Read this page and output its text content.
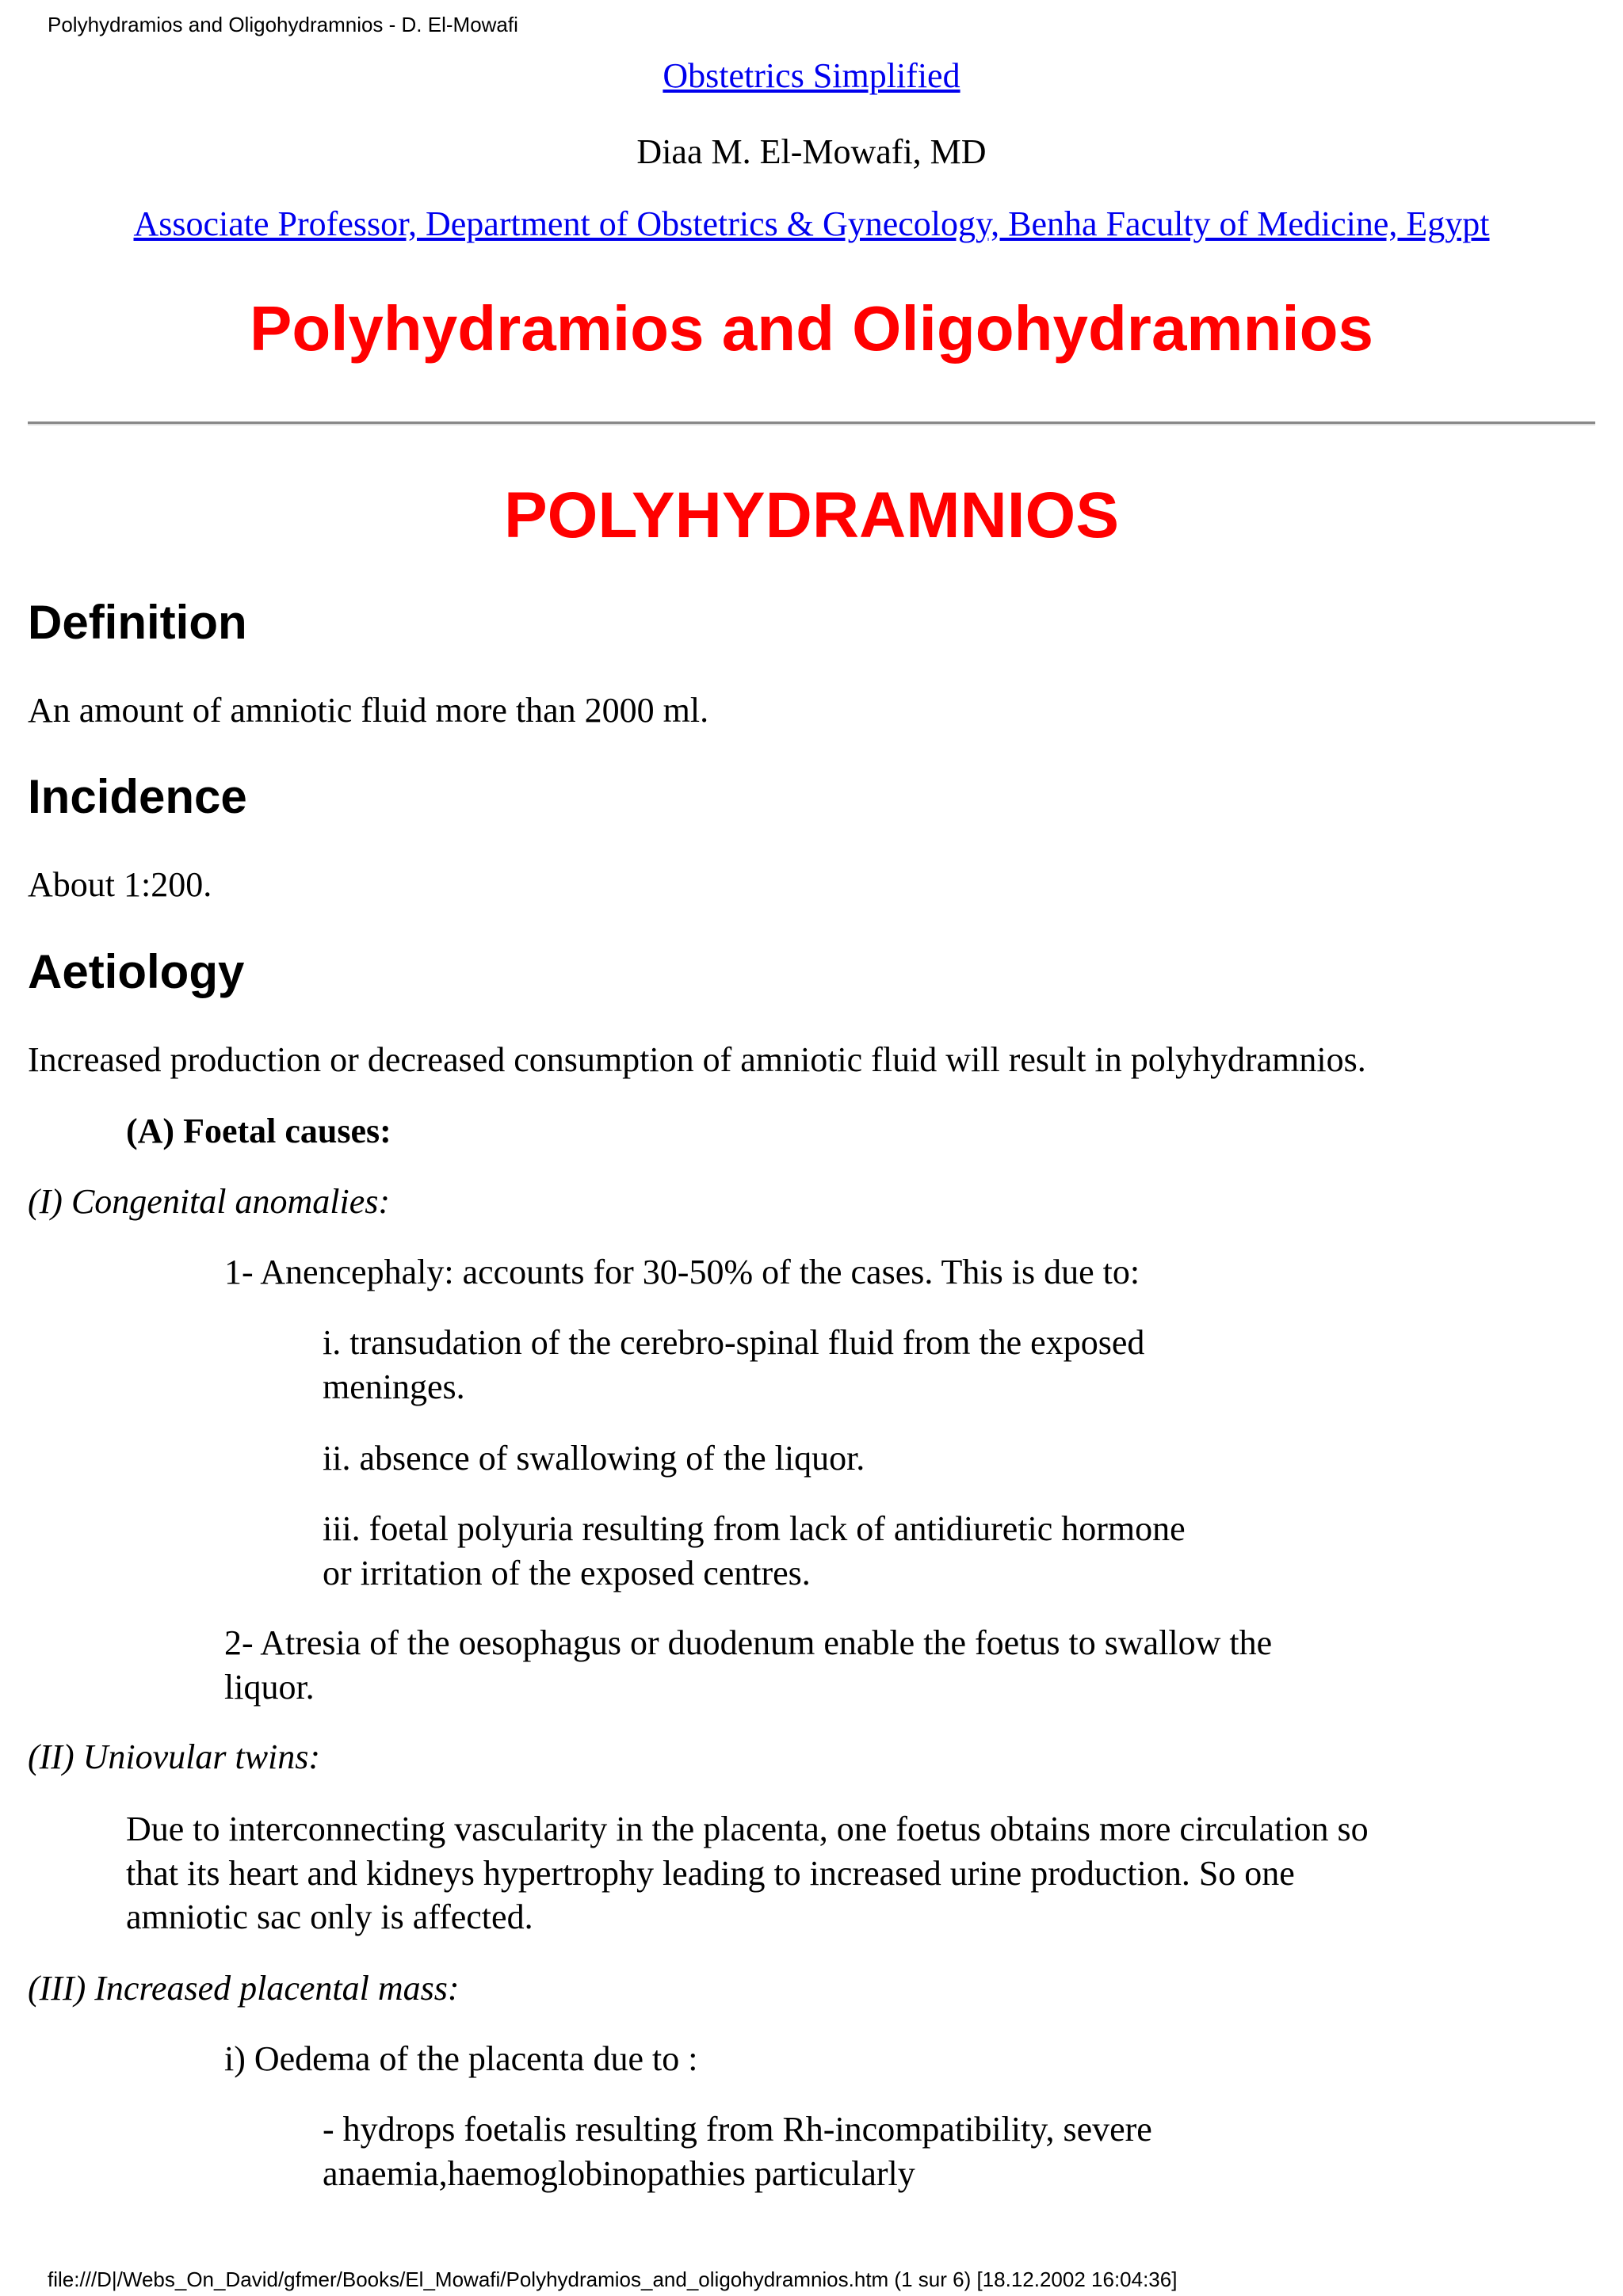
Polyhydramios and Oligohydramnios - D. El-Mowafi
Obstetrics Simplified
Diaa M. El-Mowafi, MD
Associate Professor, Department of Obstetrics & Gynecology, Benha Faculty of Medicine, Egypt
Polyhydramios and Oligohydramnios
POLYHYDRAMNIOS
Definition
An amount of amniotic fluid more than 2000 ml.
Incidence
About 1:200.
Aetiology
Increased production or decreased consumption of amniotic fluid will result in polyhydramnios.
(A) Foetal causes:
(I) Congenital anomalies:
1- Anencephaly: accounts for 30-50% of the cases. This is due to:
i. transudation of the cerebro-spinal fluid from the exposed
meninges.
ii. absence of swallowing of the liquor.
iii. foetal polyuria resulting from lack of antidiuretic hormone
or irritation of the exposed centres.
2- Atresia of the oesophagus or duodenum enable the foetus to swallow the
liquor.
(II) Uniovular twins:
Due to interconnecting vascularity in the placenta, one foetus obtains more circulation so
that its heart and kidneys hypertrophy leading to increased urine production. So one
amniotic sac only is affected.
(III) Increased placental mass:
i) Oedema of the placenta due to :
- hydrops foetalis resulting from Rh-incompatibility, severe
anaemia,haemoglobinopathies particularly
file:///D|/Webs_On_David/gfmer/Books/El_Mowafi/Polyhydramios_and_oligohydramnios.htm (1 sur 6) [18.12.2002 16:04:36]
